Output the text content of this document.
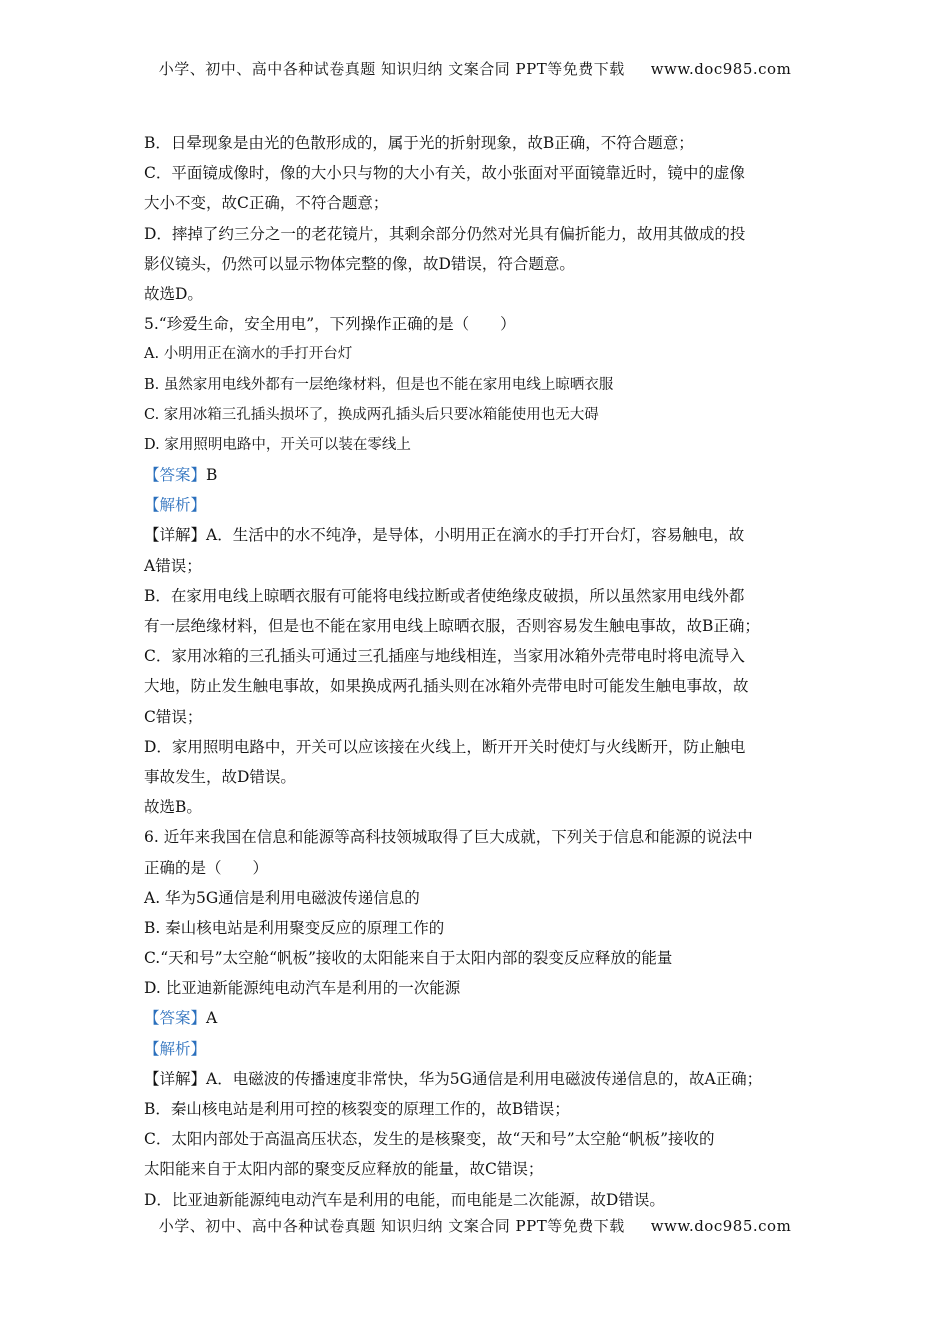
小学、初中、高中各种试卷真题 知识归纳 文案合同 PPT等免费下载 www.doc985.com
B．日晕现象是由光的色散形成的，属于光的折射现象，故B正确，不符合题意；
C．平面镜成像时，像的大小只与物的大小有关，故小张面对平面镜靠近时，镜中的虚像
大小不变，故C正确，不符合题意；
D．摔掉了约三分之一的老花镜片，其剩余部分仍然对光具有偏折能力，故用其做成的投
影仪镜头，仍然可以显示物体完整的像，故D错误，符合题意。
故选D。
5.“珍爱生命，安全用电”，下列操作正确的是（　　）
A. 小明用正在滴水的手打开台灯
B. 虽然家用电线外都有一层绝缘材料，但是也不能在家用电线上晾晒衣服
C. 家用冰箱三孔插头损坏了，换成两孔插头后只要冰箱能使用也无大碍
D. 家用照明电路中，开关可以装在零线上
【答案】B
【解析】
【详解】A．生活中的水不纯净，是导体，小明用正在滴水的手打开台灯，容易触电，故
A错误；
B．在家用电线上晾晒衣服有可能将电线拉断或者使绝缘皮破损，所以虽然家用电线外都
有一层绝缘材料，但是也不能在家用电线上晾晒衣服，否则容易发生触电事故，故B正确；
C．家用冰箱的三孔插头可通过三孔插座与地线相连，当家用冰箱外壳带电时将电流导入
大地，防止发生触电事故，如果换成两孔插头则在冰箱外壳带电时可能发生触电事故，故
C错误；
D．家用照明电路中，开关可以应该接在火线上，断开开关时使灯与火线断开，防止触电
事故发生，故D错误。
故选B。
6. 近年来我国在信息和能源等高科技领城取得了巨大成就，下列关于信息和能源的说法中
正确的是（　　）
A. 华为5G通信是利用电磁波传递信息的
B. 秦山核电站是利用聚变反应的原理工作的
C.“天和号”太空舱“帆板”接收的太阳能来自于太阳内部的裂变反应释放的能量
D. 比亚迪新能源纯电动汽车是利用的一次能源
【答案】A
【解析】
【详解】A．电磁波的传播速度非常快，华为5G通信是利用电磁波传递信息的，故A正确；
B．秦山核电站是利用可控的核裂变的原理工作的，故B错误；
C．太阳内部处于高温高压状态，发生的是核聚变，故“天和号”太空舱“帆板”接收的
太阳能来自于太阳内部的聚变反应释放的能量，故C错误；
D．比亚迪新能源纯电动汽车是利用的电能，而电能是二次能源，故D错误。
小学、初中、高中各种试卷真题 知识归纳 文案合同 PPT等免费下载 www.doc985.com
